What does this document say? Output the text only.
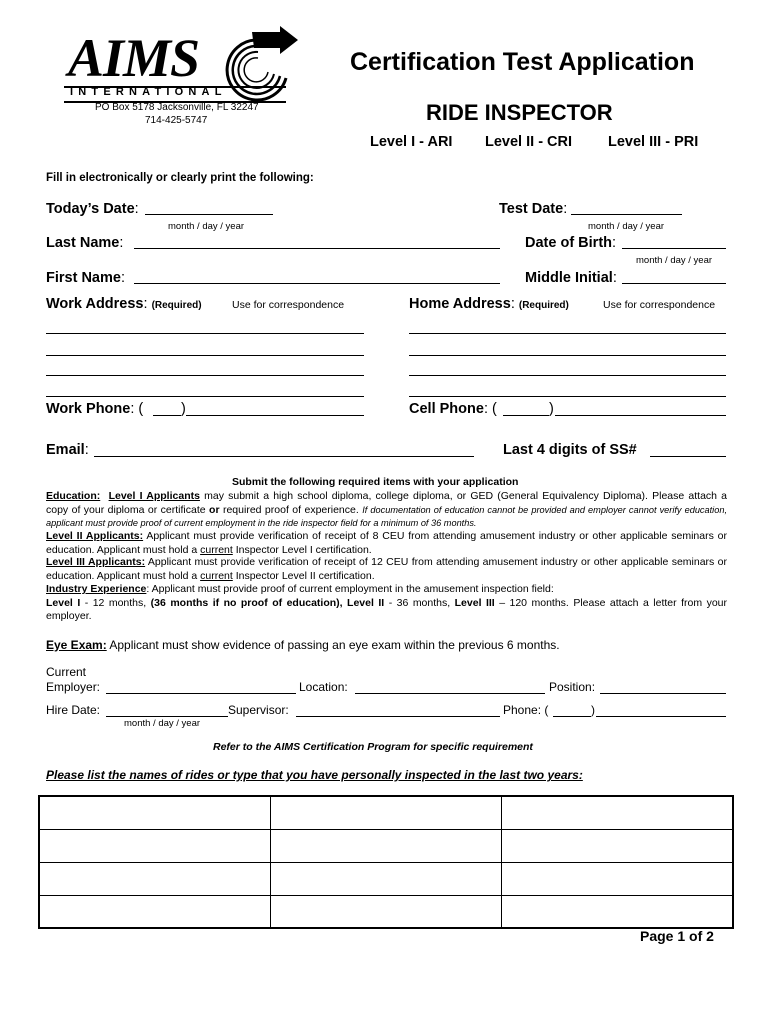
AIMS
INTERNATIONAL
PO Box 5178 Jacksonville, FL 32247
714-425-5747
Certification Test Application
RIDE INSPECTOR
Level I - ARI Level II - CRI Level III - PRI
Fill in electronically or clearly print the following:
Today’s Date:
month / day / year
Test Date:
month / day / year
Last Name:	Date of Birth:
month / day / year
First Name:	Middle Initial:
Work Address: (Required)	Use for correspondence	Home Address: (Required)	Use for correspondence
Work Phone: (	)	Cell Phone: (	)
Email:	Last 4 digits of SS#
Submit the following required items with your application
Education: Level I Applicants may submit a high school diploma, college diploma, or GED (General Equivalency Diploma). Please attach a copy of your diploma or certificate or required proof of experience. If documentation of education cannot be provided and employer cannot verify education, applicant must provide proof of current employment in the ride inspector field for a minimum of 36 months.
Level II Applicants: Applicant must provide verification of receipt of 8 CEU from attending amusement industry or other applicable seminars or education. Applicant must hold a current Inspector Level I certification.
Level III Applicants: Applicant must provide verification of receipt of 12 CEU from attending amusement industry or other applicable seminars or education. Applicant must hold a current Inspector Level II certification.
Industry Experience: Applicant must provide proof of current employment in the amusement inspection field:
Level I - 12 months, (36 months if no proof of education), Level II - 36 months, Level III – 120 months. Please attach a letter from your employer.
Eye Exam: Applicant must show evidence of passing an eye exam within the previous 6 months.
Current
Employer:	Location:	Position:
Hire Date:	Supervisor:	Phone: (	)
month / day / year
Refer to the AIMS Certification Program for specific requirement
Please list the names of rides or type that you have personally inspected in the last two years:

Page 1 of 2
